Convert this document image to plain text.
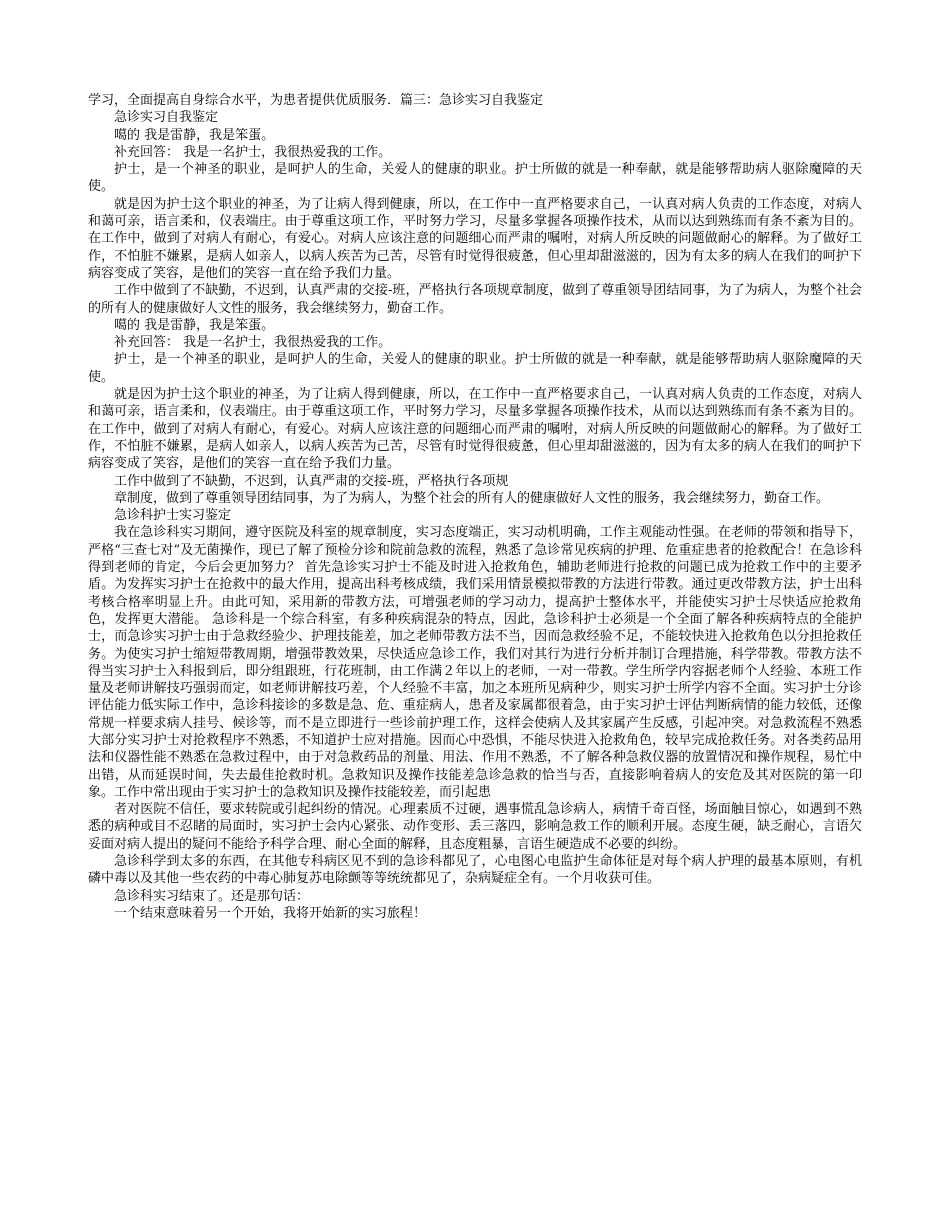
学习，全面提高自身综合水平，为患者提供优质服务．篇三：急诊实习自我鉴定

急诊实习自我鉴定

噶的 我是雷静，我是笨蛋。

补充回答： 我是一名护士，我很热爱我的工作。

护士，是一个神圣的职业，是呵护人的生命，关爱人的健康的职业。护士所做的就是一种奉献，就是能够帮助病人驱除魔障的天使。

就是因为护士这个职业的神圣，为了让病人得到健康，所以，在工作中一直严格要求自己，一认真对病人负责的工作态度，对病人和蔼可亲，语言柔和，仪表端庄。由于尊重这项工作，平时努力学习，尽量多掌握各项操作技术，从而以达到熟练而有条不紊为目的。在工作中，做到了对病人有耐心，有爱心。对病人应该注意的问题细心而严肃的嘱咐，对病人所反映的问题做耐心的解释。为了做好工作，不怕脏不嫌累，是病人如亲人，以病人疾苦为己苦，尽管有时觉得很疲惫，但心里却甜滋滋的，因为有太多的病人在我们的呵护下病容变成了笑容，是他们的笑容一直在给予我们力量。

工作中做到了不缺勤，不迟到，认真严肃的交接-班，严格执行各项规章制度，做到了尊重领导团结同事，为了为病人，为整个社会的所有人的健康做好人文性的服务，我会继续努力，勤奋工作。

噶的 我是雷静，我是笨蛋。

补充回答： 我是一名护士，我很热爱我的工作。

护士，是一个神圣的职业，是呵护人的生命，关爱人的健康的职业。护士所做的就是一种奉献，就是能够帮助病人驱除魔障的天使。

就是因为护士这个职业的神圣，为了让病人得到健康，所以，在工作中一直严格要求自己，一认真对病人负责的工作态度，对病人和蔼可亲，语言柔和，仪表端庄。由于尊重这项工作，平时努力学习，尽量多掌握各项操作技术，从而以达到熟练而有条不紊为目的。在工作中，做到了对病人有耐心，有爱心。对病人应该注意的问题细心而严肃的嘱咐，对病人所反映的问题做耐心的解释。为了做好工作，不怕脏不嫌累，是病人如亲人，以病人疾苦为己苦，尽管有时觉得很疲惫，但心里却甜滋滋的，因为有太多的病人在我们的呵护下病容变成了笑容，是他们的笑容一直在给予我们力量。

工作中做到了不缺勤，不迟到，认真严肃的交接-班，严格执行各项规

章制度，做到了尊重领导团结同事，为了为病人，为整个社会的所有人的健康做好人文性的服务，我会继续努力，勤奋工作。

急诊科护士实习鉴定

我在急诊科实习期间，遵守医院及科室的规章制度，实习态度端正，实习动机明确，工作主观能动性强。在老师的带领和指导下，严格“三查七对”及无菌操作，现已了解了预检分诊和院前急救的流程，熟悉了急诊常见疾病的护理、危重症患者的抢救配合！在急诊科得到老师的肯定，今后会更加努力？ 首先急诊实习护士不能及时进入抢救角色，辅助老师进行抢救的问题已成为抢救工作中的主要矛盾。为发挥实习护士在抢救中的最大作用，提高出科考核成绩，我们采用情景模拟带教的方法进行带教。通过更改带教方法，护士出科考核合格率明显上升。由此可知，采用新的带教方法，可增强老师的学习动力，提高护士整体水平，并能使实习护士尽快适应抢救角色，发挥更大潜能。 急诊科是一个综合科室，有多种疾病混杂的特点，因此，急诊科护士必须是一个全面了解各种疾病特点的全能护士，而急诊实习护士由于急救经验少、护理技能差，加之老师带教方法不当，因而急救经验不足，不能较快进入抢救角色以分担抢救任务。为使实习护士缩短带教周期，增强带教效果，尽快适应急诊工作，我们对其行为进行分析并制订合理措施，科学带教。带教方法不得当实习护士入科报到后，即分组跟班，行花班制，由工作满２年以上的老师，一对一带教。学生所学内容据老师个人经验、本班工作量及老师讲解技巧强弱而定，如老师讲解技巧差，个人经验不丰富，加之本班所见病种少，则实习护士所学内容不全面。实习护士分诊评估能力低实际工作中，急诊科接诊的多数是急、危、重症病人，患者及家属都很着急，由于实习护士评估判断病情的能力较低，还像常规一样要求病人挂号、候诊等，而不是立即进行一些诊前护理工作，这样会使病人及其家属产生反感，引起冲突。对急救流程不熟悉大部分实习护士对抢救程序不熟悉，不知道护士应对措施。因而心中恐惧，不能尽快进入抢救角色，较早完成抢救任务。对各类药品用法和仪器性能不熟悉在急救过程中，由于对急救药品的剂量、用法、作用不熟悉，不了解各种急救仪器的放置情况和操作规程，易忙中出错，从而延误时间，失去最佳抢救时机。急救知识及操作技能差急诊急救的恰当与否，直接影响着病人的安危及其对医院的第一印象。工作中常出现由于实习护士的急救知识及操作技能较差，而引起患

者对医院不信任，要求转院或引起纠纷的情况。心理素质不过硬，遇事慌乱急诊病人，病情千奇百怪，场面触目惊心，如遇到不熟悉的病种或目不忍睹的局面时，实习护士会内心紧张、动作变形、丢三落四，影响急救工作的顺利开展。态度生硬，缺乏耐心，言语欠妥面对病人提出的疑问不能给予科学合理、耐心全面的解释，且态度粗暴，言语生硬造成不必要的纠纷。

急诊科学到太多的东西，在其他专科病区见不到的急诊科都见了，心电图心电监护生命体征是对每个病人护理的最基本原则，有机磷中毒以及其他一些农药的中毒心肺复苏电除颤等等统统都见了，杂病疑症全有。一个月收获可佳。

急诊科实习结束了。还是那句话：

一个结束意味着另一个开始，我将开始新的实习旅程！
